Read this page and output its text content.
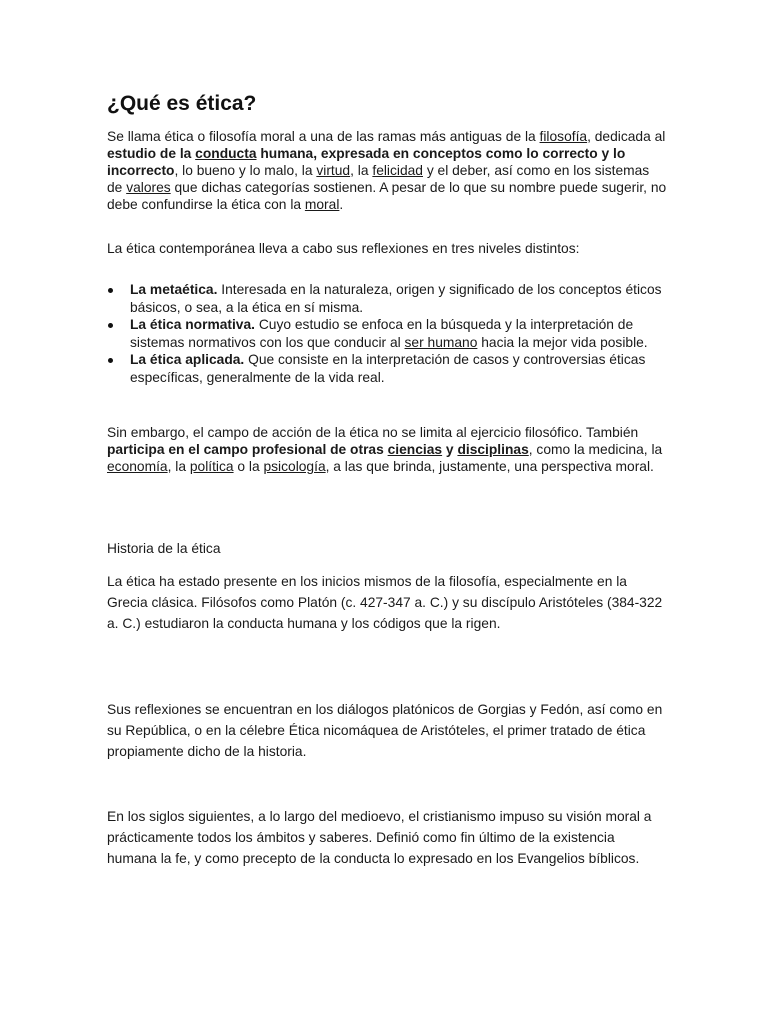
¿Qué es ética?

Se llama ética o filosofía moral a una de las ramas más antiguas de la filosofía, dedicada al estudio de la conducta humana, expresada en conceptos como lo correcto y lo incorrecto, lo bueno y lo malo, la virtud, la felicidad y el deber, así como en los sistemas de valores que dichas categorías sostienen. A pesar de lo que su nombre puede sugerir, no debe confundirse la ética con la moral.

La ética contemporánea lleva a cabo sus reflexiones en tres niveles distintos:

La metaética. Interesada en la naturaleza, origen y significado de los conceptos éticos básicos, o sea, a la ética en sí misma.
La ética normativa. Cuyo estudio se enfoca en la búsqueda y la interpretación de sistemas normativos con los que conducir al ser humano hacia la mejor vida posible.
La ética aplicada. Que consiste en la interpretación de casos y controversias éticas específicas, generalmente de la vida real.

Sin embargo, el campo de acción de la ética no se limita al ejercicio filosófico. También participa en el campo profesional de otras ciencias y disciplinas, como la medicina, la economía, la política o la psicología, a las que brinda, justamente, una perspectiva moral.

Historia de la ética

La ética ha estado presente en los inicios mismos de la filosofía, especialmente en la Grecia clásica. Filósofos como Platón (c. 427-347 a. C.) y su discípulo Aristóteles (384-322 a. C.) estudiaron la conducta humana y los códigos que la rigen.

Sus reflexiones se encuentran en los diálogos platónicos de Gorgias y Fedón, así como en su República, o en la célebre Ética nicomáquea de Aristóteles, el primer tratado de ética propiamente dicho de la historia.

En los siglos siguientes, a lo largo del medioevo, el cristianismo impuso su visión moral a prácticamente todos los ámbitos y saberes. Definió como fin último de la existencia humana la fe, y como precepto de la conducta lo expresado en los Evangelios bíblicos.
